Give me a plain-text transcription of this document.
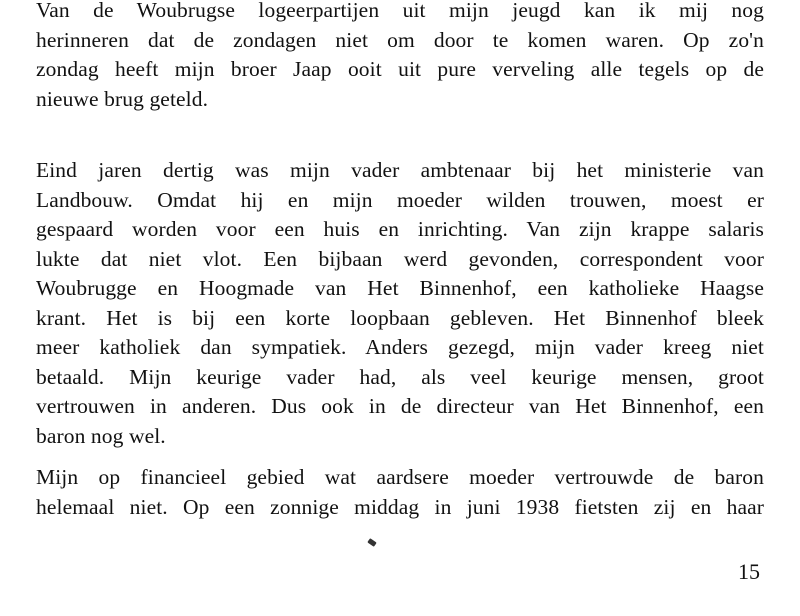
Van de Woubrugse logeerpartijen uit mijn jeugd kan ik mij nog
herinneren dat de zondagen niet om door te komen waren. Op zo'n
zondag heeft mijn broer Jaap ooit uit pure verveling alle tegels op de
nieuwe brug geteld.

Eind jaren dertig was mijn vader ambtenaar bij het ministerie van
Landbouw. Omdat hij en mijn moeder wilden trouwen, moest er
gespaard worden voor een huis en inrichting. Van zijn krappe salaris
lukte dat niet vlot. Een bijbaan werd gevonden, correspondent voor
Woubrugge en Hoogmade van Het Binnenhof, een katholieke Haagse
krant. Het is bij een korte loopbaan gebleven. Het Binnenhof bleek
meer katholiek dan sympatiek. Anders gezegd, mijn vader kreeg niet
betaald. Mijn keurige vader had, als veel keurige mensen, groot
vertrouwen in anderen. Dus ook in de directeur van Het Binnenhof, een
baron nog wel.

Mijn op financieel gebied wat aardsere moeder vertrouwde de baron
helemaal niet. Op een zonnige middag in juni 1938 fietsten zij en haar

15
